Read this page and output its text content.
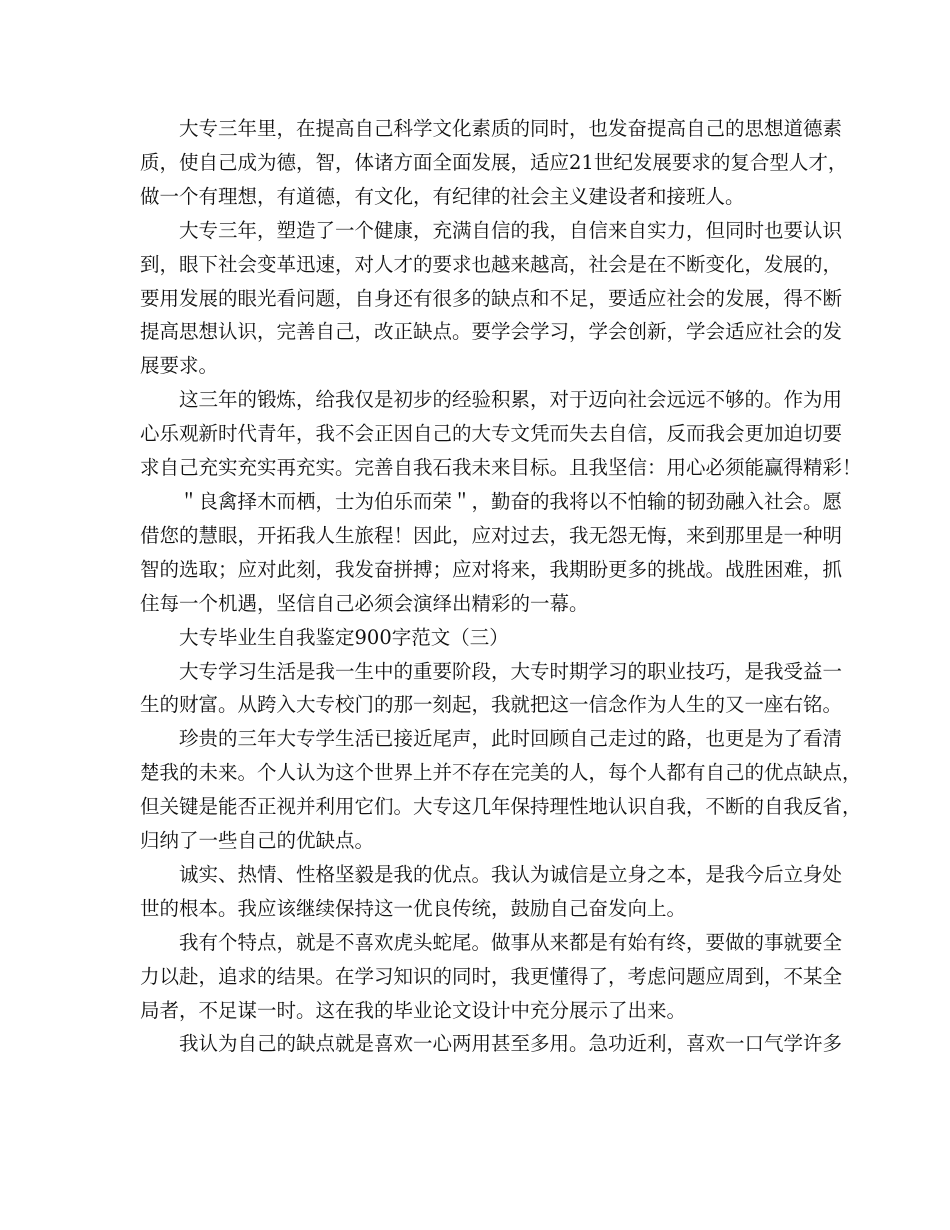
大专三年里，在提高自己科学文化素质的同时，也发奋提高自己的思想道德素
质，使自己成为德，智，体诸方面全面发展，适应21世纪发展要求的复合型人才，
做一个有理想，有道德，有文化，有纪律的社会主义建设者和接班人。
大专三年，塑造了一个健康，充满自信的我，自信来自实力，但同时也要认识
到，眼下社会变革迅速，对人才的要求也越来越高，社会是在不断变化，发展的，
要用发展的眼光看问题，自身还有很多的缺点和不足，要适应社会的发展，得不断
提高思想认识，完善自己，改正缺点。要学会学习，学会创新，学会适应社会的发
展要求。
这三年的锻炼，给我仅是初步的经验积累，对于迈向社会远远不够的。作为用
心乐观新时代青年，我不会正因自己的大专文凭而失去自信，反而我会更加迫切要
求自己充实充实再充实。完善自我石我未来目标。且我坚信：用心必须能赢得精彩！
＂良禽择木而栖，士为伯乐而荣＂，勤奋的我将以不怕输的韧劲融入社会。愿
借您的慧眼，开拓我人生旅程！因此，应对过去，我无怨无悔，来到那里是一种明
智的选取；应对此刻，我发奋拼搏；应对将来，我期盼更多的挑战。战胜困难，抓
住每一个机遇，坚信自己必须会演绎出精彩的一幕。
大专毕业生自我鉴定900字范文（三）
大专学习生活是我一生中的重要阶段，大专时期学习的职业技巧，是我受益一
生的财富。从跨入大专校门的那一刻起，我就把这一信念作为人生的又一座右铭。
珍贵的三年大专学生活已接近尾声，此时回顾自己走过的路，也更是为了看清
楚我的未来。个人认为这个世界上并不存在完美的人，每个人都有自己的优点缺点，
但关键是能否正视并利用它们。大专这几年保持理性地认识自我，不断的自我反省，
归纳了一些自己的优缺点。
诚实、热情、性格坚毅是我的优点。我认为诚信是立身之本，是我今后立身处
世的根本。我应该继续保持这一优良传统，鼓励自己奋发向上。
我有个特点，就是不喜欢虎头蛇尾。做事从来都是有始有终，要做的事就要全
力以赴，追求的结果。在学习知识的同时，我更懂得了，考虑问题应周到，不某全
局者，不足谋一时。这在我的毕业论文设计中充分展示了出来。
我认为自己的缺点就是喜欢一心两用甚至多用。急功近利，喜欢一口气学许多
